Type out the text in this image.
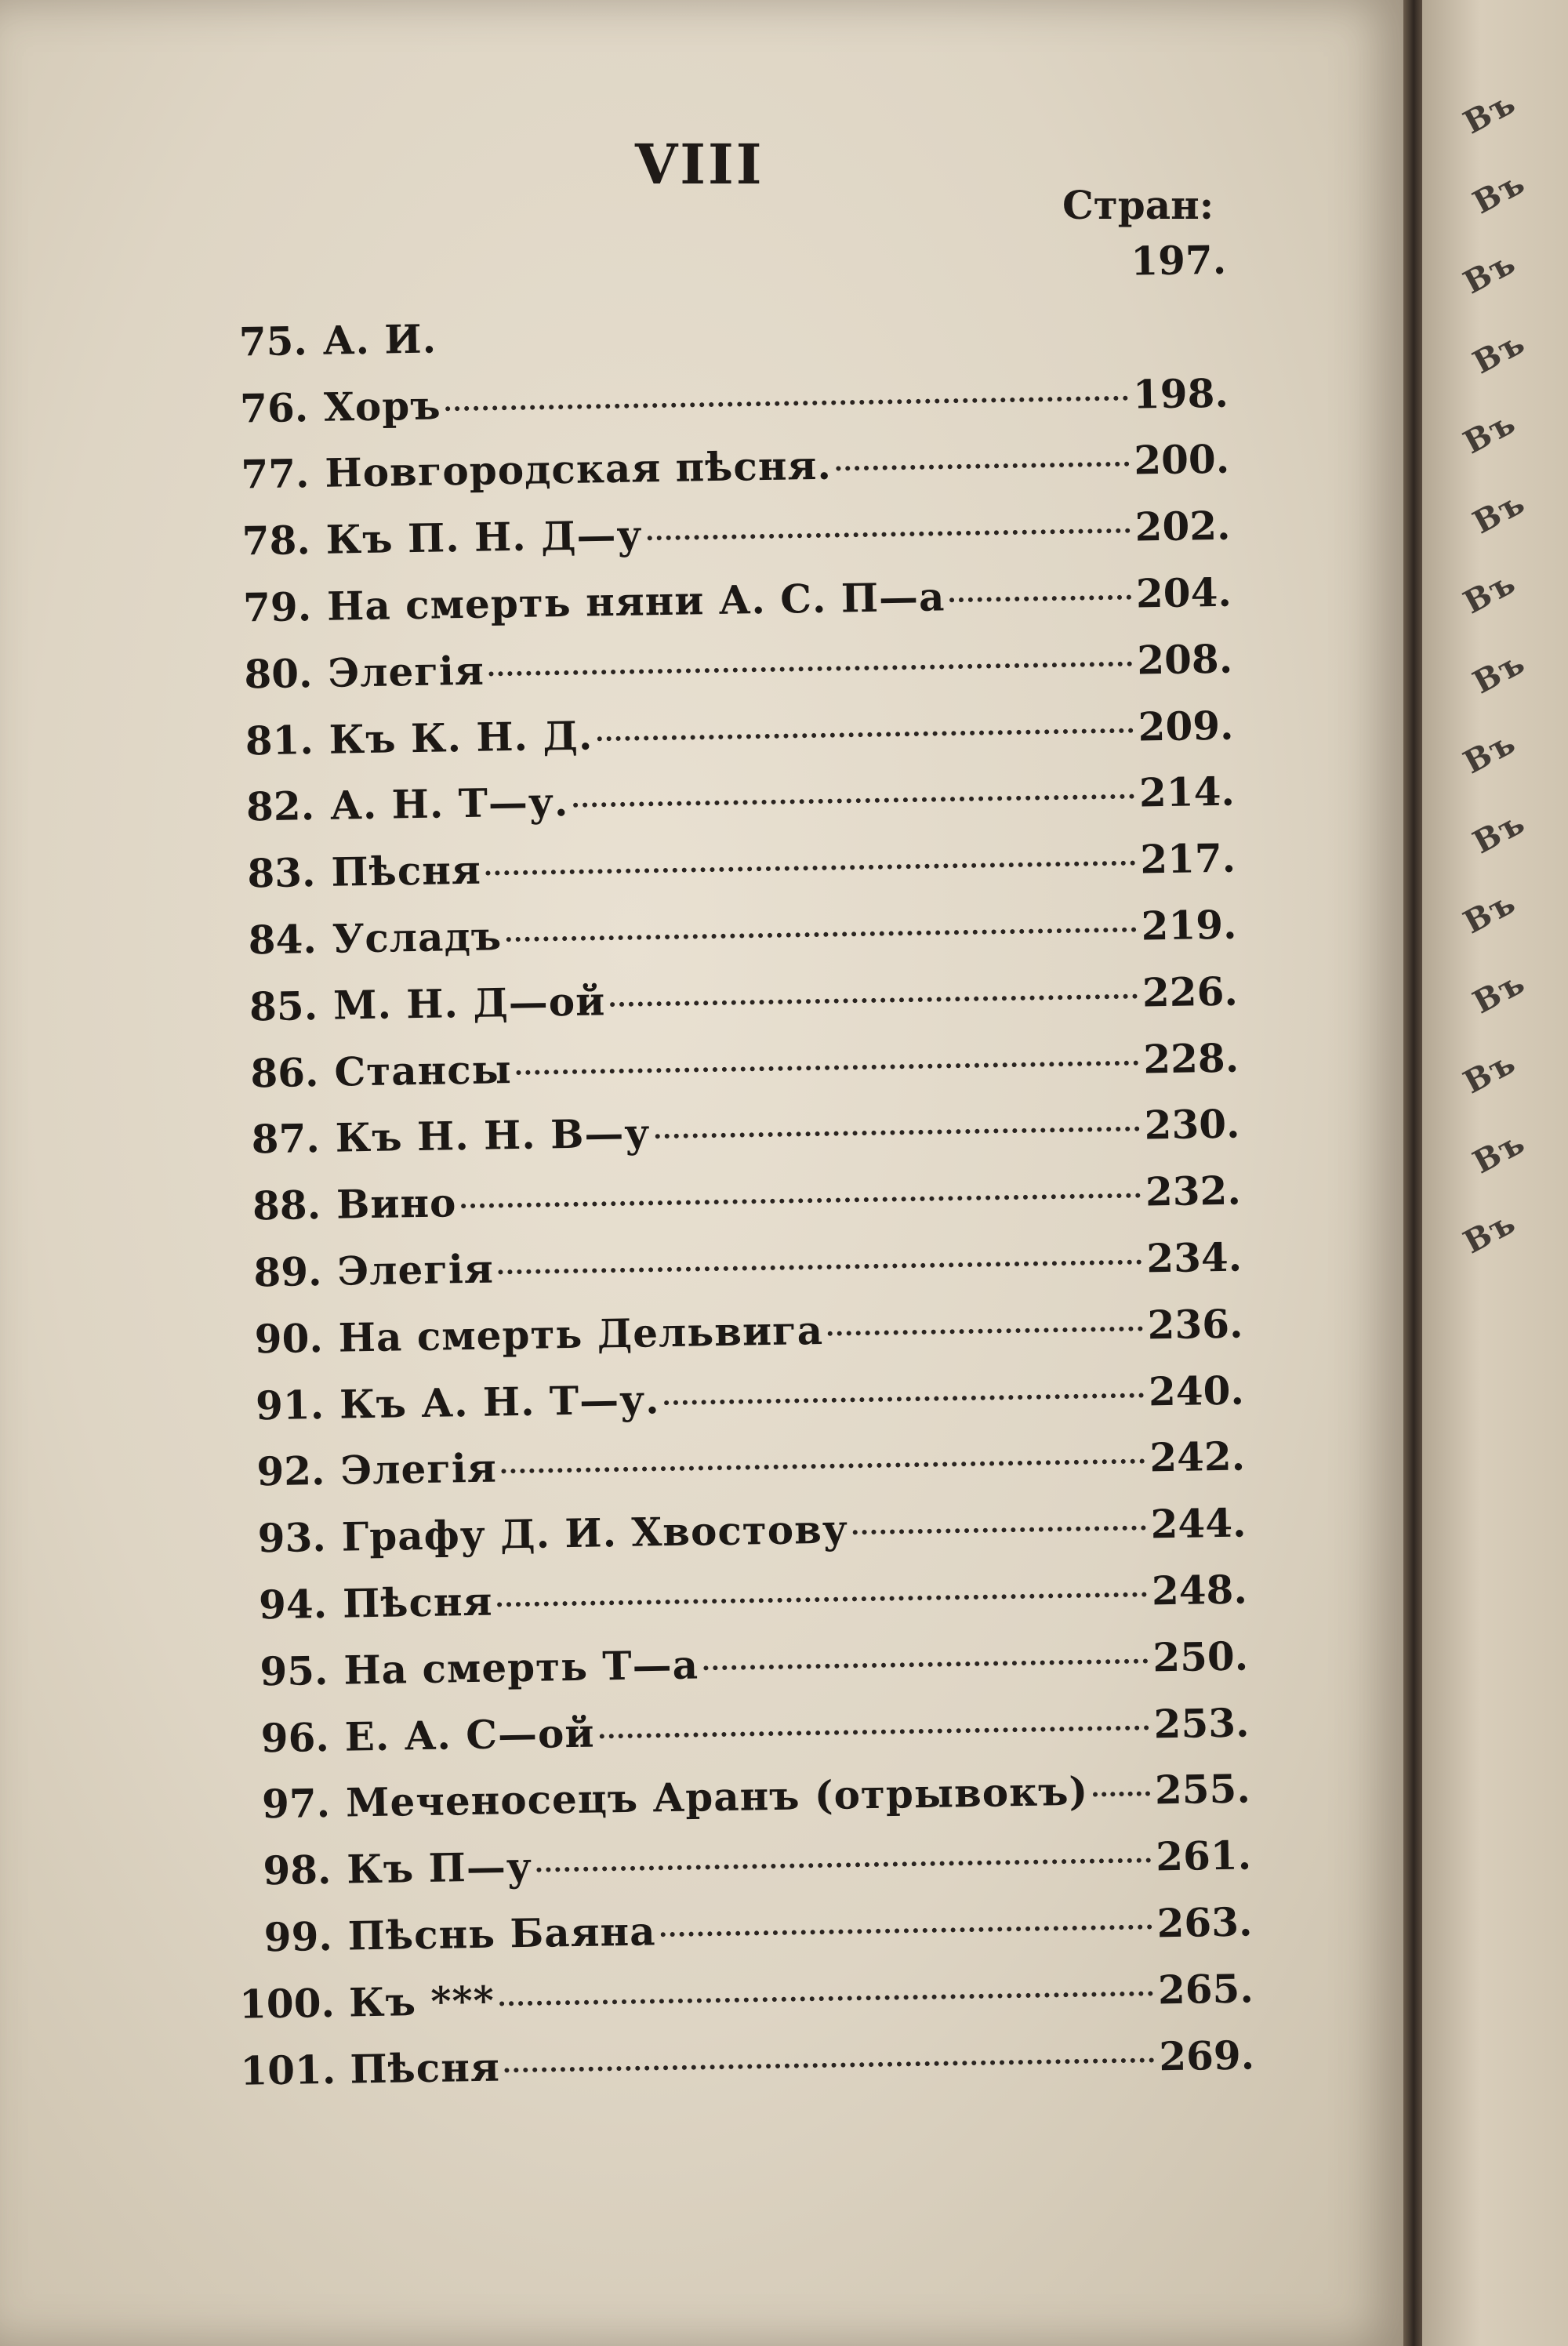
Въ
Въ
Въ
Въ
Въ
Въ
Въ
Въ
Въ
Въ
Въ
Въ
Въ
Въ
Въ
VIII
Стран:
197.
75. А. И.
76. Хоръ	198.
77. Новгородская пѣсня.	200.
78. Къ П. Н. Д—у	202.
79. На смерть няни А. С. П—а	204.
80. Элегія	208.
81. Къ К. Н. Д.	209.
82. А. Н. Т—у.	214.
83. Пѣсня	217.
84. Усладъ	219.
85. М. Н. Д—ой	226.
86. Стансы	228.
87. Къ Н. Н. В—у	230.
88. Вино	232.
89. Элегія	234.
90. На смерть Дельвига	236.
91. Къ А. Н. Т—у.	240.
92. Элегія	242.
93. Графу Д. И. Хвостову	244.
94. Пѣсня	248.
95. На смерть Т—а	250.
96. Е. А. С—ой	253.
97. Меченосецъ Аранъ (отрывокъ) 255.
98. Къ П—у	261.
99. Пѣснь Баяна	263.
100. Къ ***	265.
101. Пѣсня	269.
